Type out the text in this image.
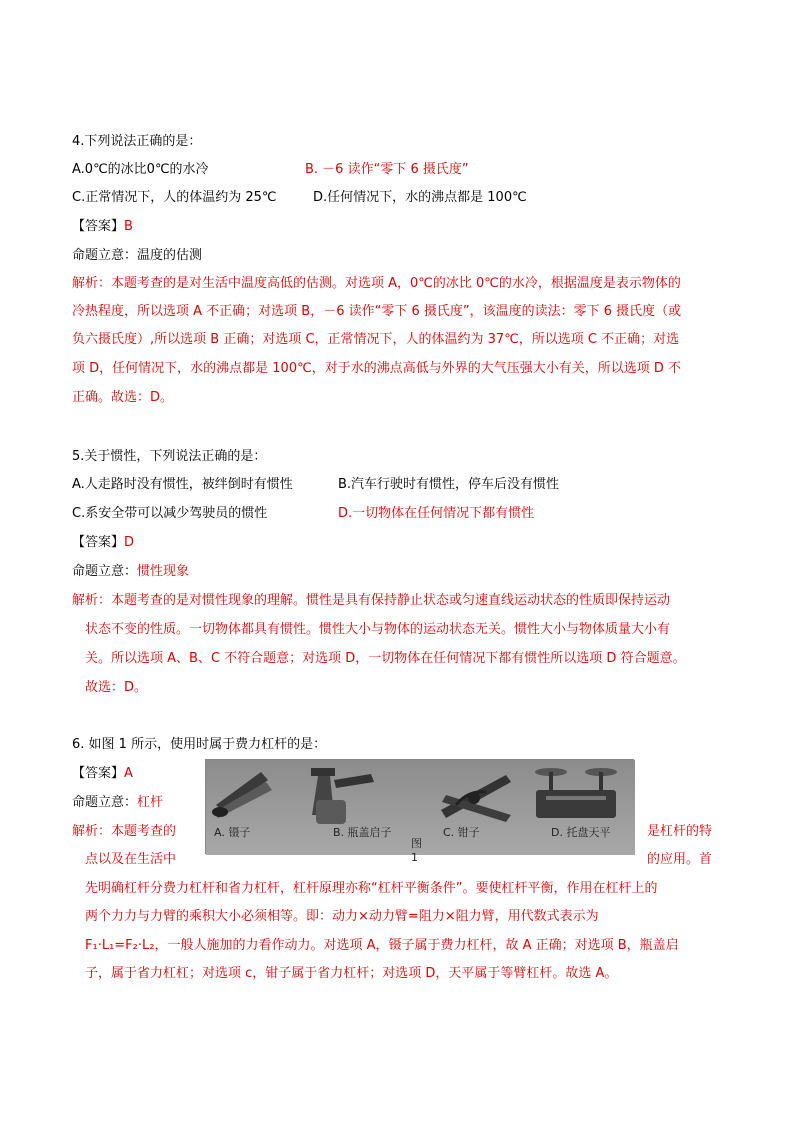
4.下列说法正确的是：
A.0℃的冰比0℃的水冷	B. －6 读作“零下 6 摄氏度”
C.正常情况下，人的体温约为 25℃	D.任何情况下，水的沸点都是 100℃
【答案】B
命题立意：温度的估测
解析：本题考查的是对生活中温度高低的估测。对选项 A，0℃的冰比 0℃的水冷，根据温度是表示物体的
冷热程度，所以选项 A 不正确；对选项 B，－6 读作“零下 6 摄氏度”，该温度的读法：零下 6 摄氏度（或
负六摄氏度）,所以选项 B 正确；对选项 C，正常情况下，人的体温约为 37℃，所以选项 C 不正确；对选
项 D，任何情况下，水的沸点都是 100℃，对于水的沸点高低与外界的大气压强大小有关，所以选项 D 不
正确。故选：D。
5.关于惯性，下列说法正确的是：
A.人走路时没有惯性，被绊倒时有惯性	B.汽车行驶时有惯性，停车后没有惯性
C.系安全带可以减少驾驶员的惯性	D.一切物体在任何情况下都有惯性
【答案】D
命题立意：惯性现象
解析：本题考查的是对惯性现象的理解。惯性是具有保持静止状态或匀速直线运动状态的性质即保持运动
状态不变的性质。一切物体都具有惯性。惯性大小与物体的运动状态无关。惯性大小与物体质量大小有
关。所以选项 A、B、C 不符合题意；对选项 D，一切物体在任何情况下都有惯性所以选项 D 符合题意。
故选：D。
6. 如图 1 所示，使用时属于费力杠杆的是：
【答案】A
命题立意：杠杆
解析：本题考查的	是杠杆的特
点以及在生活中	的应用。首
先明确杠杆分费力杠杆和省力杠杆，杠杆原理亦称“杠杆平衡条件”。要使杠杆平衡，作用在杠杆上的
两个力力与力臂的乘积大小必须相等。即：动力×动力臂=阻力×阻力臂，用代数式表示为
F₁·L₁=F₂·L₂，一般人施加的力看作动力。对选项 A，镊子属于费力杠杆，故 A 正确；对选项 B，瓶盖启
子，属于省力杠杠；对选项 c，钳子属于省力杠杆；对选项 D，天平属于等臂杠杆。故选 A。
A. 镊子	B. 瓶盖启子	C. 钳子	D. 托盘天平
图 1
